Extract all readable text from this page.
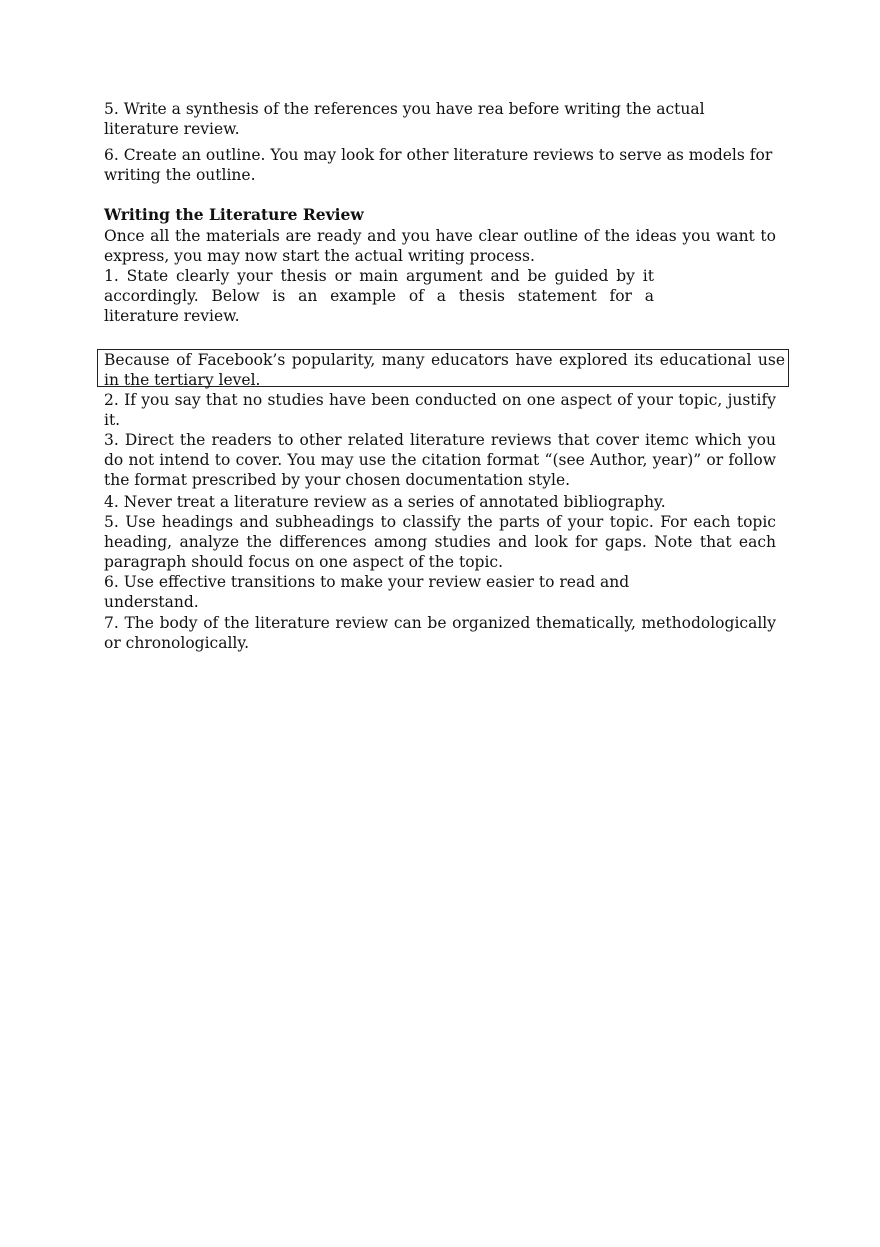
5. Write a synthesis of the references you have rea before writing the actual literature review.

6. Create an outline. You may look for other literature reviews to serve as models for writing the outline.

Writing the Literature Review

Once all the materials are ready and you have clear outline of the ideas you want to express, you may now start the actual writing process.

1. State clearly your thesis or main argument and be guided by it accordingly. Below is an example of a thesis statement for a literature review.

Because of Facebook’s popularity, many educators have explored its educational use in the tertiary level.

2. If you say that no studies have been conducted on one aspect of your topic, justify it.

3. Direct the readers to other related literature reviews that cover itemc which you do not intend to cover. You may use the citation format “(see Author, year)” or follow the format prescribed by your chosen documentation style.

4. Never treat a literature review as a series of annotated bibliography.

5. Use headings and subheadings to classify the parts of your topic. For each topic heading, analyze the differences among studies and look for gaps. Note that each paragraph should focus on one aspect of the topic.

6. Use effective transitions to make your review easier to read and understand.

7. The body of the literature review can be organized thematically, methodologically or chronologically.
